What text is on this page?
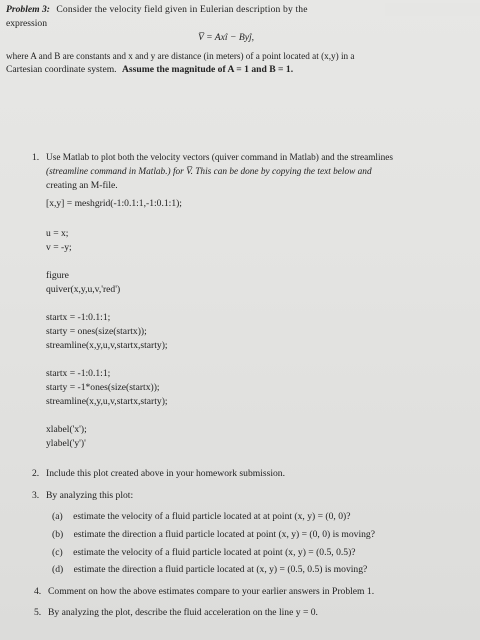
Problem 3: Consider the velocity field given in Eulerian description by the
expression
V̅ = Axî − Byĵ,
where A and B are constants and x and y are distance (in meters) of a point located at (x,y) in a
Cartesian coordinate system. Assume the magnitude of A = 1 and B = 1.
1. Use Matlab to plot both the velocity vectors (quiver command in Matlab) and the streamlines
(streamline command in Matlab.) for V̅. This can be done by copying the text below and
creating an M-file.
[x,y] = meshgrid(-1:0.1:1,-1:0.1:1);
u = x;
v = -y;
figure
quiver(x,y,u,v,'red')
startx = -1:0.1:1;
starty = ones(size(startx));
streamline(x,y,u,v,startx,starty);
startx = -1:0.1:1;
starty = -1*ones(size(startx));
streamline(x,y,u,v,startx,starty);
xlabel('x');
ylabel('y')'
2. Include this plot created above in your homework submission.
3. By analyzing this plot:
(a) estimate the velocity of a fluid particle located at at point (x, y) = (0, 0)?
(b) estimate the direction a fluid particle located at point (x, y) = (0, 0) is moving?
(c) estimate the velocity of a fluid particle located at point (x, y) = (0.5, 0.5)?
(d) estimate the direction a fluid particle located at (x, y) = (0.5, 0.5) is moving?
4. Comment on how the above estimates compare to your earlier answers in Problem 1.
5. By analyzing the plot, describe the fluid acceleration on the line y = 0.
